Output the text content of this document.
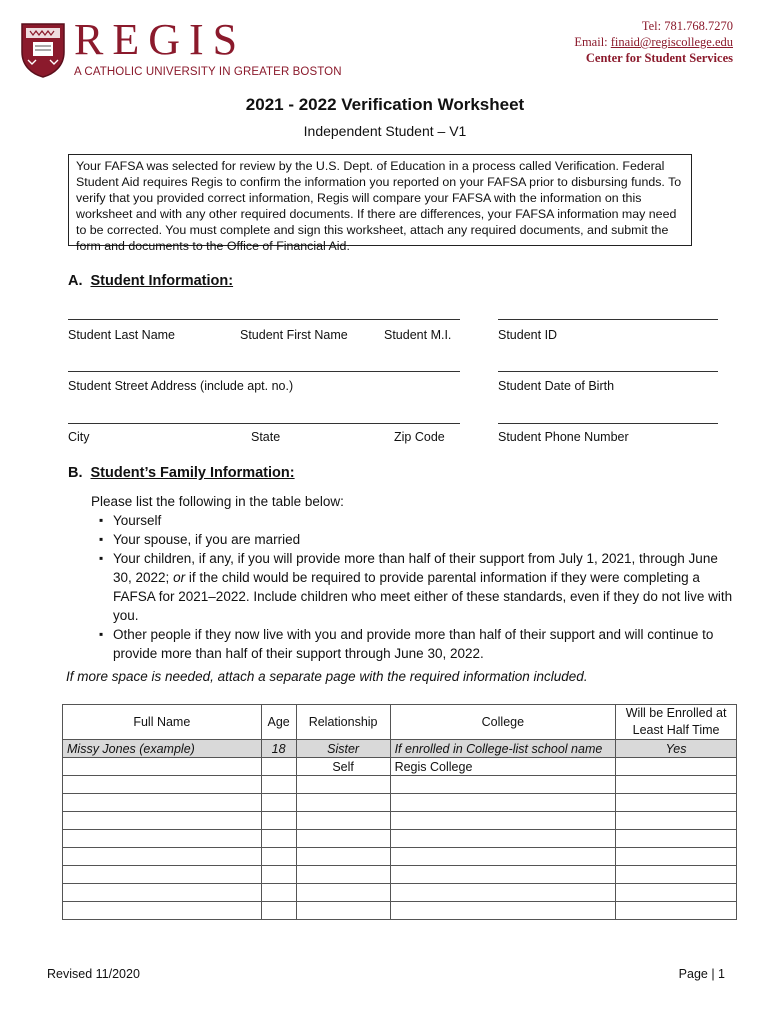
REGIS
A CATHOLIC UNIVERSITY IN GREATER BOSTON
Tel: 781.768.7270
Email: finaid@regiscollege.edu
Center for Student Services
2021 - 2022 Verification Worksheet
Independent Student – V1
Your FAFSA was selected for review by the U.S. Dept. of Education in a process called Verification. Federal Student Aid requires Regis to confirm the information you reported on your FAFSA prior to disbursing funds. To verify that you provided correct information, Regis will compare your FAFSA with the information on this worksheet and with any other required documents. If there are differences, your FAFSA information may need to be corrected. You must complete and sign this worksheet, attach any required documents, and submit the form and documents to the Office of Financial Aid.
A. Student Information:
Student Last Name	Student First Name	Student M.I.	Student ID
Student Street Address (include apt. no.)	Student Date of Birth
City	State	Zip Code	Student Phone Number
B. Student’s Family Information:
Please list the following in the table below:
▪ Yourself
▪ Your spouse, if you are married
▪ Your children, if any, if you will provide more than half of their support from July 1, 2021, through June 30, 2022; or if the child would be required to provide parental information if they were completing a FAFSA for 2021–2022. Include children who meet either of these standards, even if they do not live with you.
▪ Other people if they now live with you and provide more than half of their support and will continue to provide more than half of their support through June 30, 2022.
If more space is needed, attach a separate page with the required information included.
Full Name	Age	Relationship	College	Will be Enrolled at Least Half Time
Missy Jones (example)	18	Sister	If enrolled in College-list school name	Yes
		Self	Regis College	

Revised 11/2020	Page | 1
